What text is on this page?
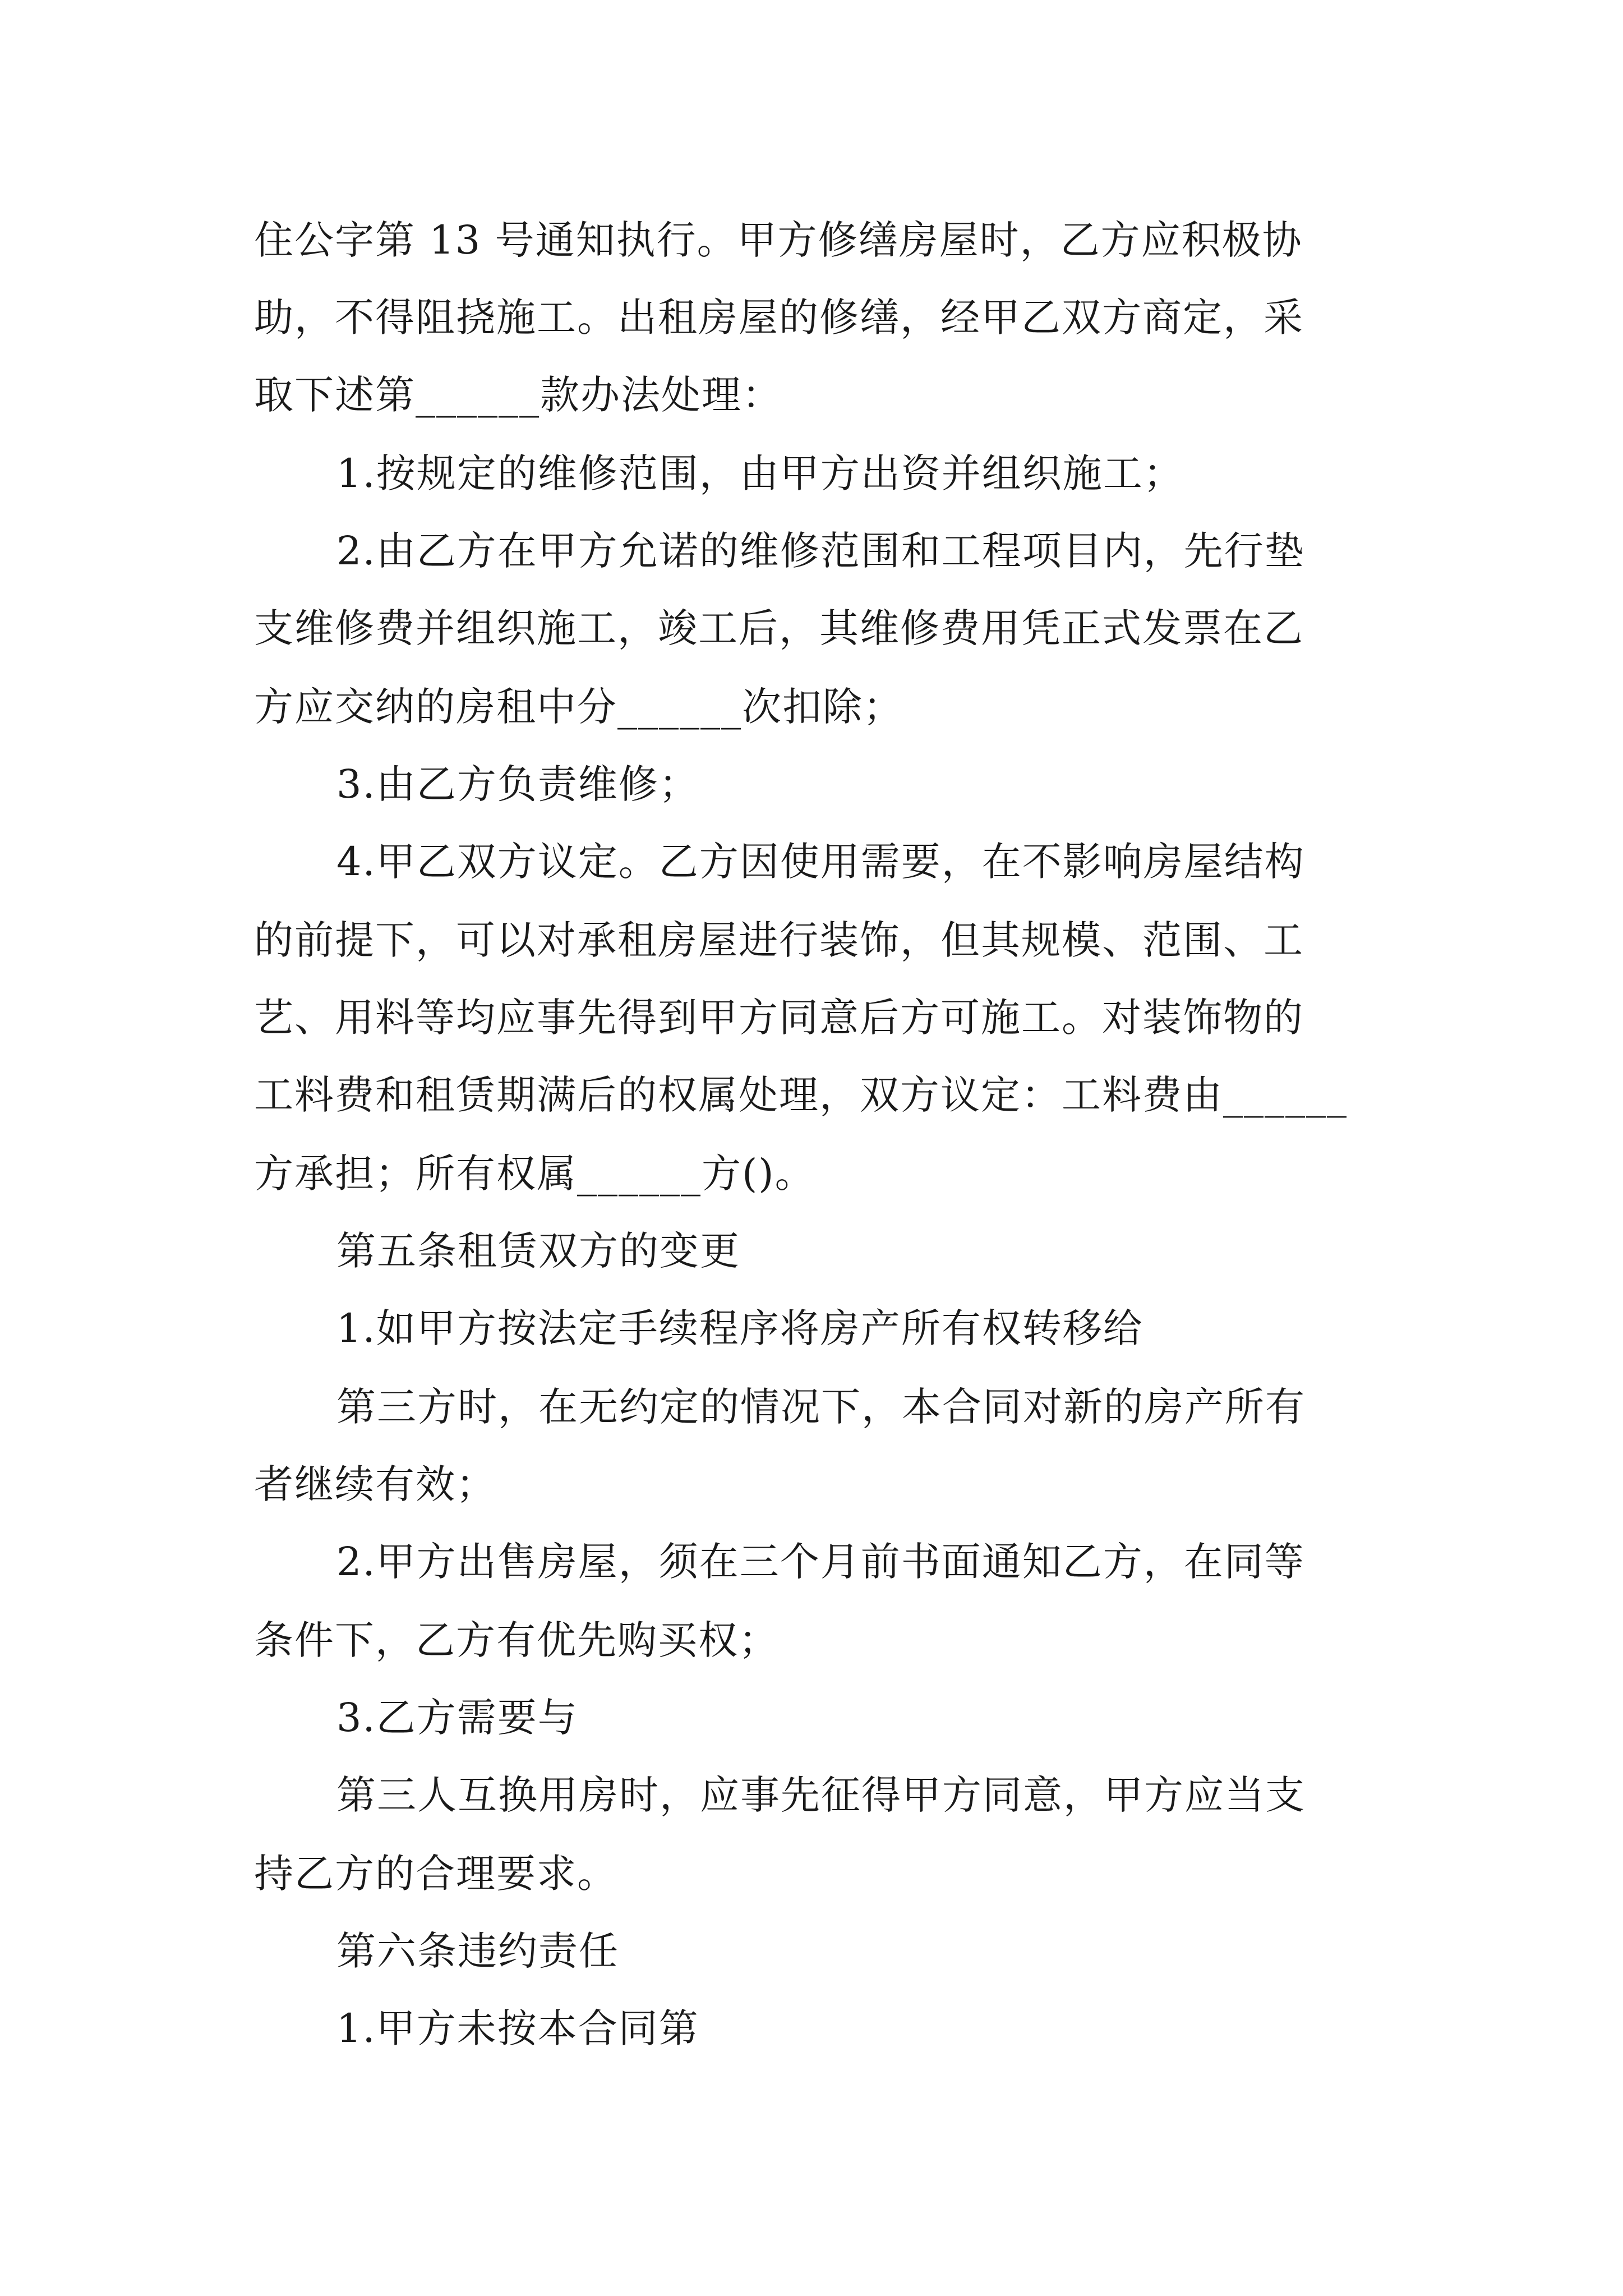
住公字第 13 号通知执行。甲方修缮房屋时，乙方应积极协
助，不得阻挠施工。出租房屋的修缮，经甲乙双方商定，采
取下述第______款办法处理：
1.按规定的维修范围，由甲方出资并组织施工；
2.由乙方在甲方允诺的维修范围和工程项目内，先行垫
支维修费并组织施工，竣工后，其维修费用凭正式发票在乙
方应交纳的房租中分______次扣除；
3.由乙方负责维修；
4.甲乙双方议定。乙方因使用需要，在不影响房屋结构
的前提下，可以对承租房屋进行装饰，但其规模、范围、工
艺、用料等均应事先得到甲方同意后方可施工。对装饰物的
工料费和租赁期满后的权属处理，双方议定：工料费由______
方承担；所有权属______方()。
第五条租赁双方的变更
1.如甲方按法定手续程序将房产所有权转移给
第三方时，在无约定的情况下，本合同对新的房产所有
者继续有效；
2.甲方出售房屋，须在三个月前书面通知乙方，在同等
条件下，乙方有优先购买权；
3.乙方需要与
第三人互换用房时，应事先征得甲方同意，甲方应当支
持乙方的合理要求。
第六条违约责任
1.甲方未按本合同第
